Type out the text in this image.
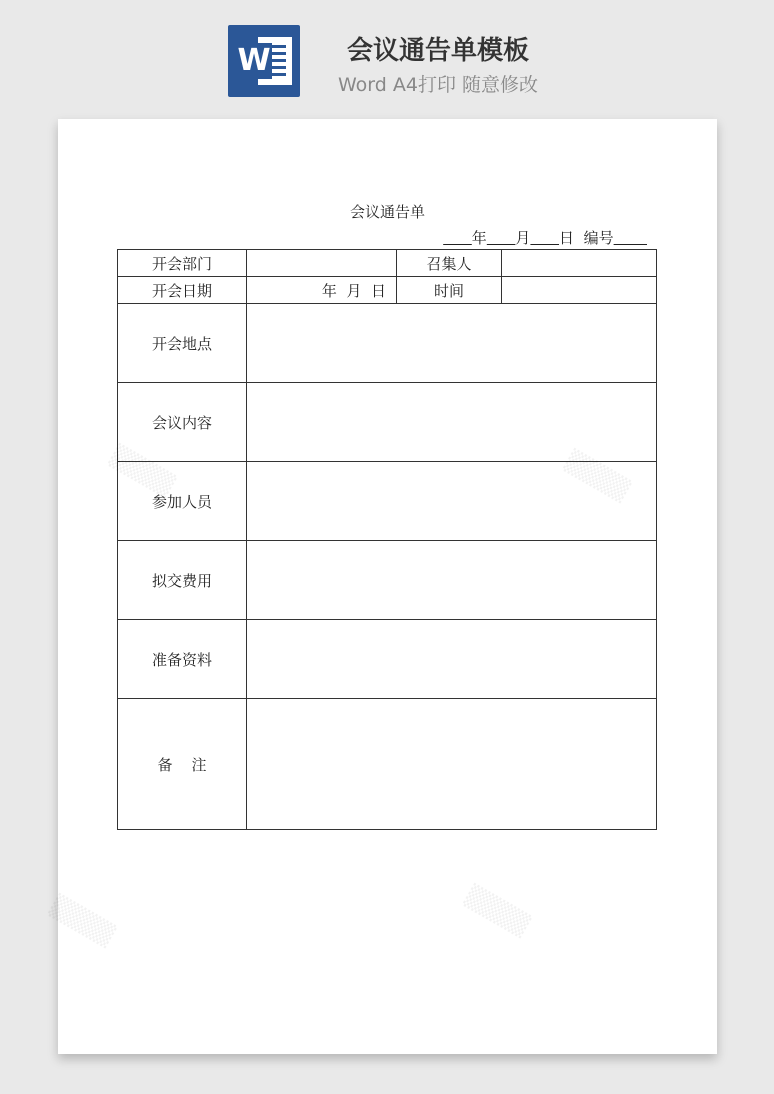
W	会议通告单模板
Word A4打印 随意修改
会议通告单
年 月 日 编号
开会部门		召集人	
开会日期	年  月  日	时间	
开会地点			
会议内容			
参加人员			
拟交费用			
准备资料			
备    注			
▒▒▒▒	▒▒▒▒
▒▒▒▒	▒▒▒▒
